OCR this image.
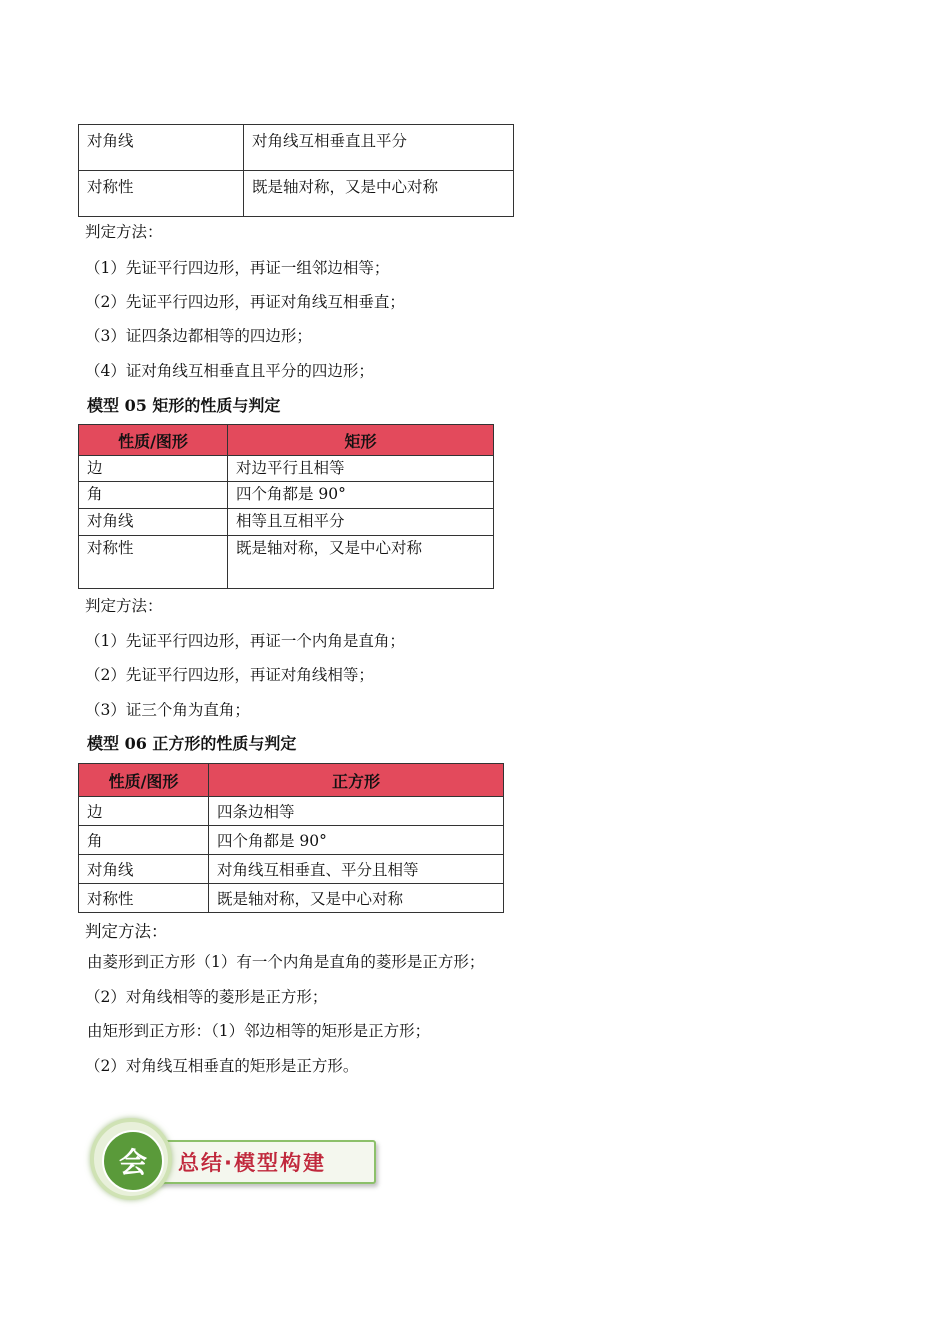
对角线	对角线互相垂直且平分
对称性	既是轴对称，又是中心对称
判定方法：
（1）先证平行四边形，再证一组邻边相等；
（2）先证平行四边形，再证对角线互相垂直；
（3）证四条边都相等的四边形；
（4）证对角线互相垂直且平分的四边形；
模型 05 矩形的性质与判定
性质/图形	矩形
边	对边平行且相等
角	四个角都是 90°
对角线	相等且互相平分
对称性	既是轴对称，又是中心对称
判定方法：
（1）先证平行四边形，再证一个内角是直角；
（2）先证平行四边形，再证对角线相等；
（3）证三个角为直角；
模型 06 正方形的性质与判定
性质/图形	正方形
边	四条边相等
角	四个角都是 90°
对角线	对角线互相垂直、平分且相等
对称性	既是轴对称，又是中心对称
判定方法：
由菱形到正方形（1）有一个内角是直角的菱形是正方形；
（2）对角线相等的菱形是正方形；
由矩形到正方形：（1）邻边相等的矩形是正方形；
（2）对角线互相垂直的矩形是正方形。
总结·模型构建
会
